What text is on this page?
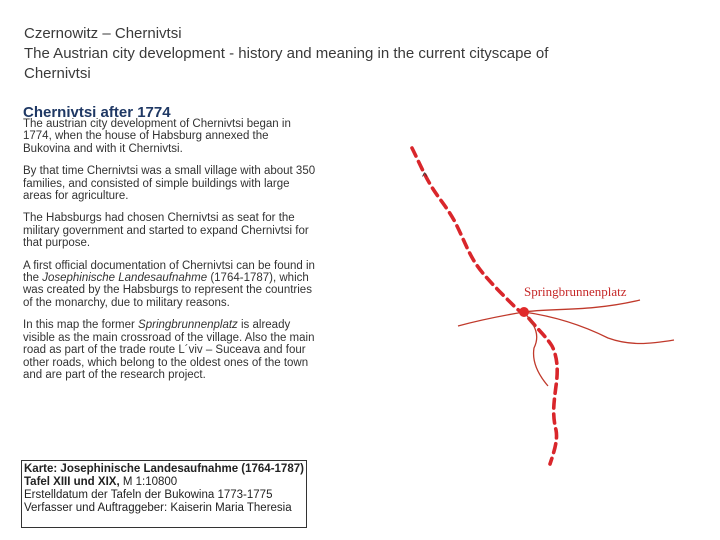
Czernowitz – Chernivtsi
The Austrian city development - history and meaning in the current cityscape of
Chernivtsi
Chernivtsi after 1774

The austrian city development of Chernivtsi began in 1774, when the house of Habsburg annexed the Bukovina and with it Chernivtsi.

By that time Chernivtsi was a small village with about 350 families, and consisted of simple buildings with large areas for agriculture.

The Habsburgs had chosen Chernivtsi as seat for the military government and started to expand Chernivtsi for that purpose.

A first official documentation of Chernivtsi can be found in the Josephinische Landesaufnahme (1764-1787), which was created by the Habsburgs to represent the countries of the monarchy, due to military reasons.

In this map the former Springbrunnenplatz is already visible as the main crossroad of the village. Also the main road as part of the trade route L´viv – Suceava and four other roads, which belong to the oldest ones of the town and are part of the research project.

Karte: Josephinische Landesaufnahme (1764-1787)
Tafel XIII und XIX, M 1:10800
Erstelldatum der Tafeln der Bukowina 1773-1775
Verfasser und Auftraggeber: Kaiserin Maria Theresia
Springbrunnenplatz
^
